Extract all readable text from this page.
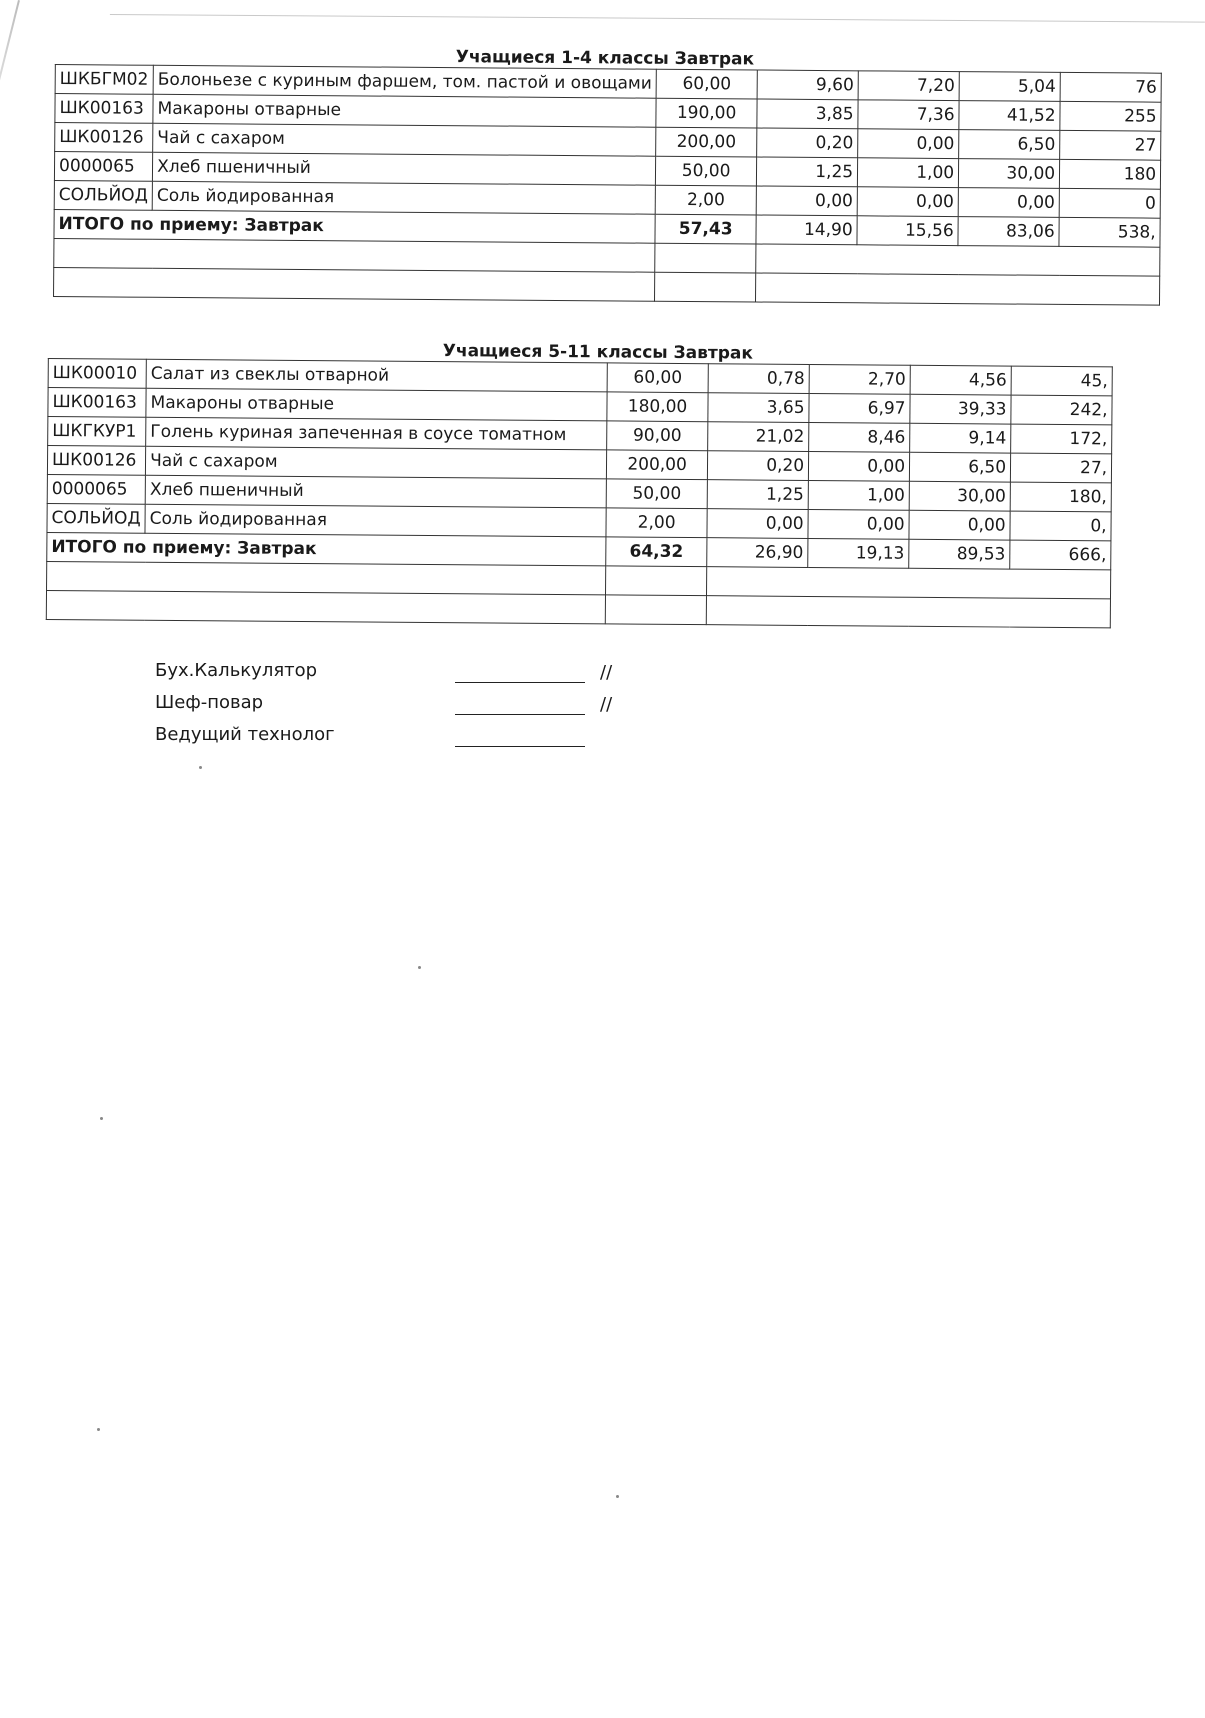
Учащиеся 1-4 классы Завтрак
ШКБГМ02	Болоньезе с куриным фаршем, том. пастой и овощами	60,00	9,60	7,20	5,04	76
ШК00163	Макароны отварные	190,00	3,85	7,36	41,52	255
ШК00126	Чай с сахаром	200,00	0,20	0,00	6,50	27
0000065	Хлеб пшеничный	50,00	1,25	1,00	30,00	180
СОЛЬЙОД	Соль йодированная	2,00	0,00	0,00	0,00	0
ИТОГО по приему: Завтрак		57,43	14,90	15,56	83,06	538,

Учащиеся 5-11 классы Завтрак
ШК00010	Салат из свеклы отварной	60,00	0,78	2,70	4,56	45,
ШК00163	Макароны отварные	180,00	3,65	6,97	39,33	242,
ШКГКУР1	Голень куриная запеченная в соусе томатном	90,00	21,02	8,46	9,14	172,
ШК00126	Чай с сахаром	200,00	0,20	0,00	6,50	27,
0000065	Хлеб пшеничный	50,00	1,25	1,00	30,00	180,
СОЛЬЙОД	Соль йодированная	2,00	0,00	0,00	0,00	0,
ИТОГО по приему: Завтрак		64,32	26,90	19,13	89,53	666,

Бух.Калькулятор	//
Шеф-повар	//
Ведущий технолог
